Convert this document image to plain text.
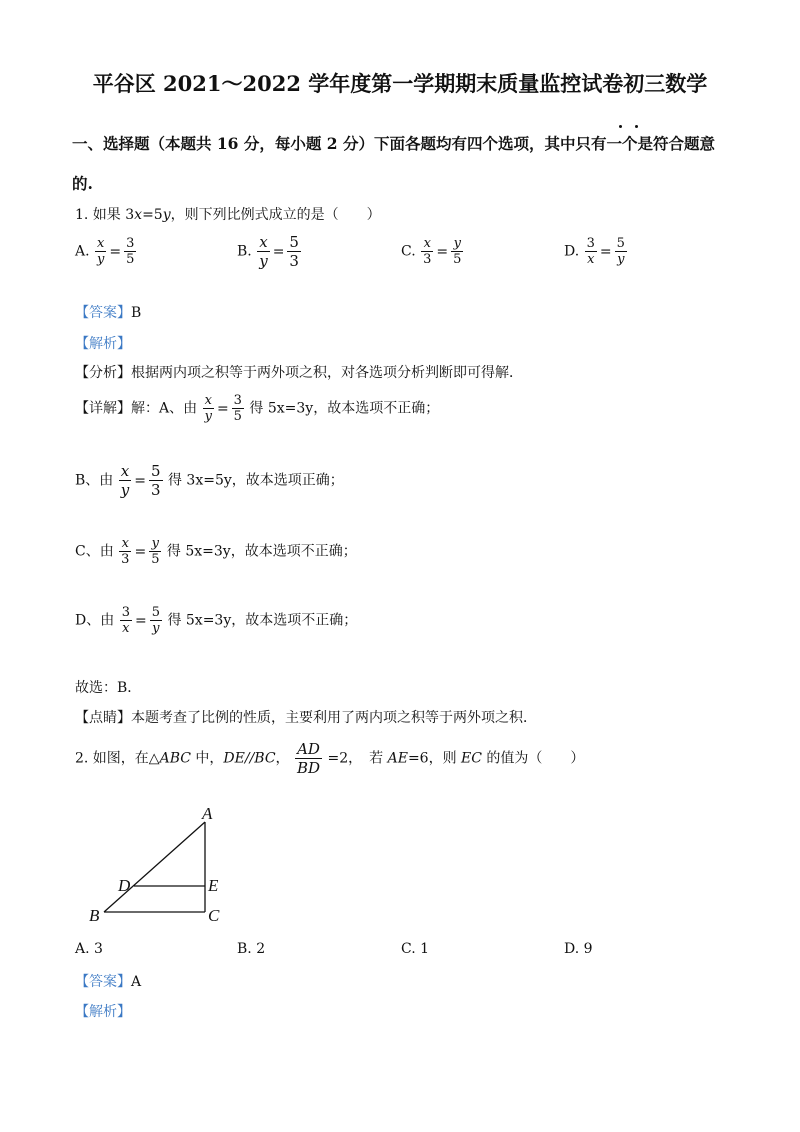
平谷区 2021～2022 学年度第一学期期末质量监控试卷初三数学
一、选择题（本题共 16 分，每小题 2 分）下面各题均有四个选项，其中只有一个是符合题意
的.
1. 如果 3x=5y，则下列比例式成立的是（　　）
A. $\frac{x}{y} = \frac{3}{5}$	B. $\frac{x}{y} = \frac{5}{3}$	C. $\frac{x}{3} = \frac{y}{5}$	D. $\frac{3}{x} = \frac{5}{y}$
【答案】B
【解析】
【分析】根据两内项之积等于两外项之积，对各选项分析判断即可得解．
【详解】解：A、由 $\frac{x}{y} = \frac{3}{5}$ 得 5x=3y，故本选项不正确；
B、由 $\frac{x}{y} = \frac{5}{3}$ 得 3x=5y，故本选项正确；
C、由 $\frac{x}{3} = \frac{y}{5}$ 得 5x=3y，故本选项不正确；
D、由 $\frac{3}{x} = \frac{5}{y}$ 得 5x=3y，故本选项不正确；
故选：B．
【点睛】本题考查了比例的性质，主要利用了两内项之积等于两外项之积．
2. 如图，在△ABC 中，DE//BC， $\frac{AD}{BD} =2$，　若 AE=6，则 EC 的值为（　　）
A
D	E
B	C
A. 3	B. 2	C. 1	D. 9
【答案】A
【解析】
